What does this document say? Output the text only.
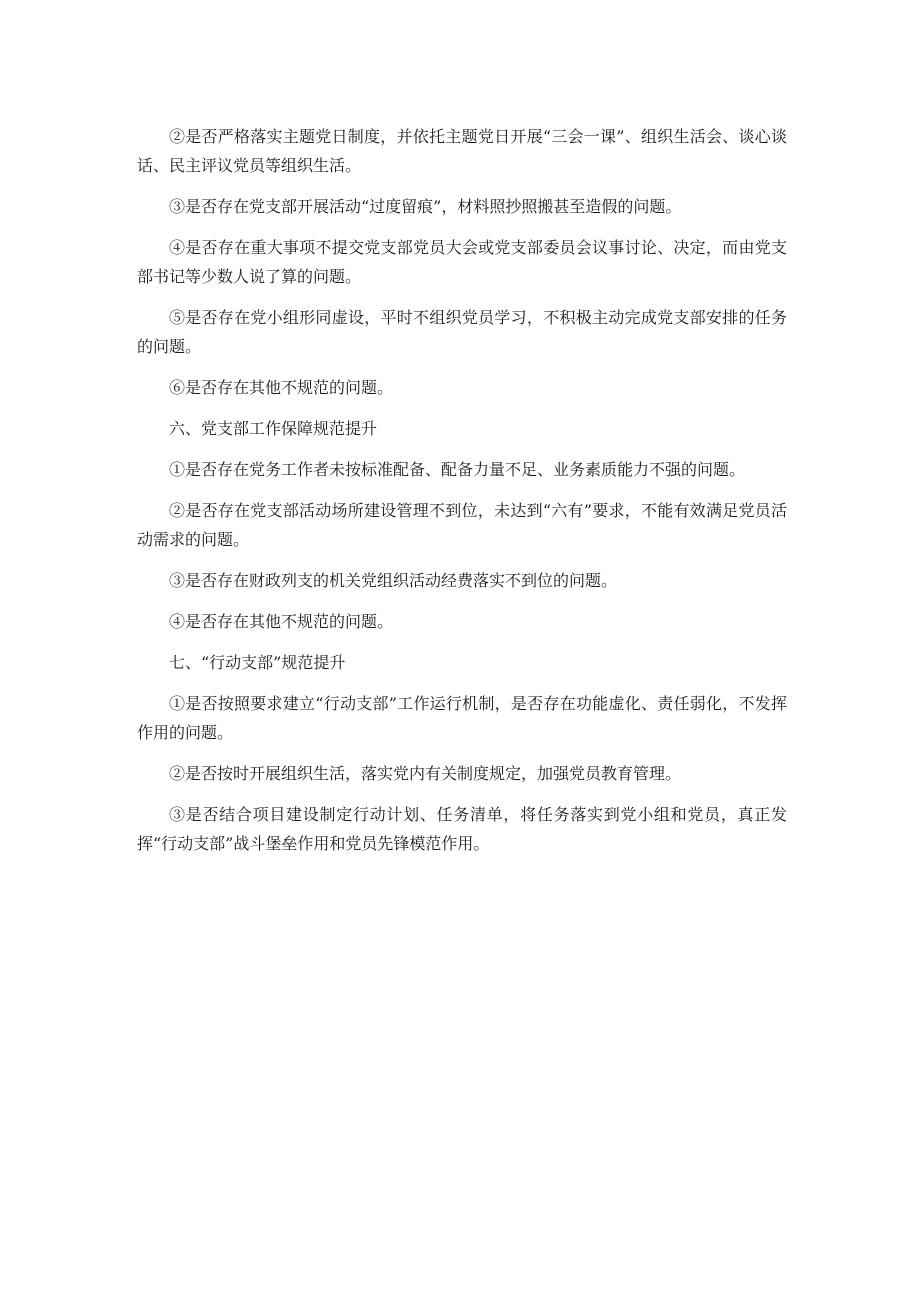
②是否严格落实主题党日制度，并依托主题党日开展“三会一课”、组织生活会、谈心谈话、民主评议党员等组织生活。

③是否存在党支部开展活动“过度留痕”，材料照抄照搬甚至造假的问题。

④是否存在重大事项不提交党支部党员大会或党支部委员会议事讨论、决定，而由党支部书记等少数人说了算的问题。

⑤是否存在党小组形同虚设，平时不组织党员学习，不积极主动完成党支部安排的任务的问题。

⑥是否存在其他不规范的问题。

六、党支部工作保障规范提升

①是否存在党务工作者未按标准配备、配备力量不足、业务素质能力不强的问题。

②是否存在党支部活动场所建设管理不到位，未达到“六有”要求，不能有效满足党员活动需求的问题。

③是否存在财政列支的机关党组织活动经费落实不到位的问题。

④是否存在其他不规范的问题。

七、“行动支部”规范提升

①是否按照要求建立“行动支部”工作运行机制，是否存在功能虚化、责任弱化，不发挥作用的问题。

②是否按时开展组织生活，落实党内有关制度规定，加强党员教育管理。

③是否结合项目建设制定行动计划、任务清单，将任务落实到党小组和党员，真正发挥“行动支部”战斗堡垒作用和党员先锋模范作用。
